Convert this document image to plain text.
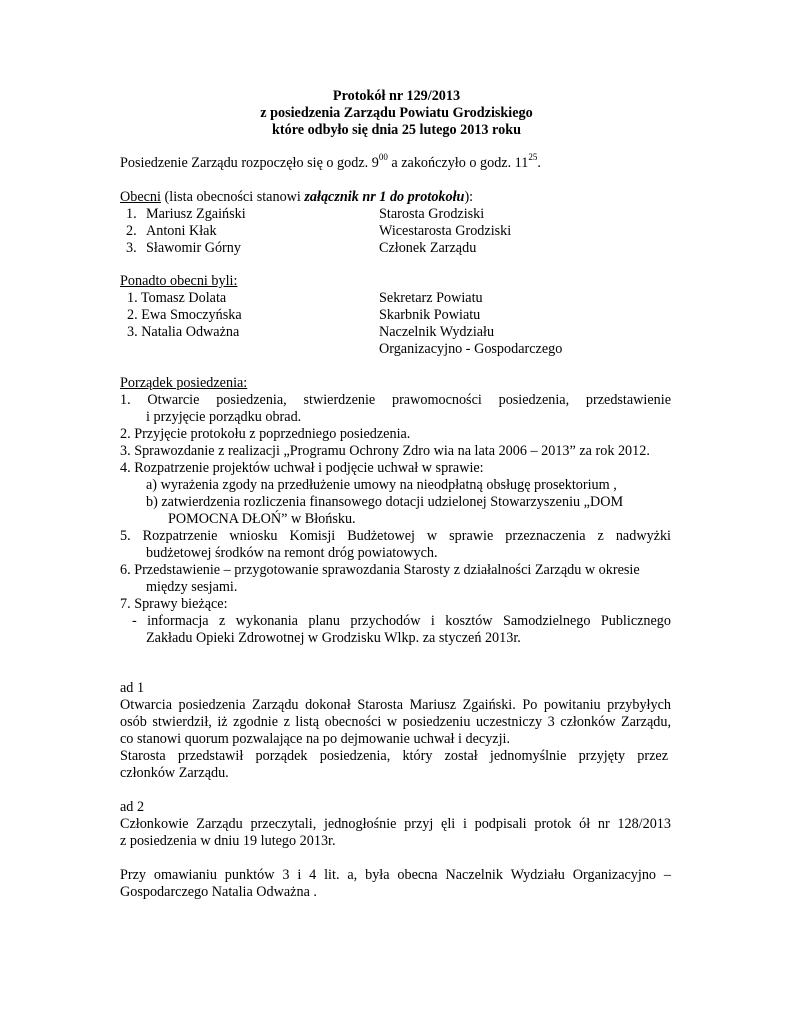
Protokół nr 129/2013
z posiedzenia Zarządu Powiatu Grodziskiego
które odbyło się dnia 25 lutego 2013 roku
Posiedzenie Zarządu rozpoczęło się o godz. $9^{00}$ a zakończyło o godz. $11^{25}$.
Obecni (lista obecności stanowi załącznik nr 1 do protokołu):
1. Mariusz Zgaiński	Starosta Grodziski
2. Antoni Kłak	Wicestarosta Grodziski
3. Sławomir Górny	Członek Zarządu
Ponadto obecni byli:
1. Tomasz Dolata	Sekretarz Powiatu
2. Ewa Smoczyńska	Skarbnik Powiatu
3. Natalia Odważna	Naczelnik Wydziału
Organizacyjno - Gospodarczego
Porządek posiedzenia:
1. Otwarcie posiedzenia, stwierdzenie prawomocności posiedzenia, przedstawienie
i przyjęcie porządku obrad.
2. Przyjęcie protokołu z poprzedniego posiedzenia.
3. Sprawozdanie z realizacji „Programu Ochrony Zdro wia na lata 2006 – 2013” za rok 2012.
4. Rozpatrzenie projektów uchwał i podjęcie uchwał w sprawie:
a) wyrażenia zgody na przedłużenie umowy na nieodpłatną obsługę prosektorium ,
b) zatwierdzenia rozliczenia finansowego dotacji udzielonej Stowarzyszeniu „DOM
POMOCNA DŁOŃ” w Błońsku.
5. Rozpatrzenie wniosku Komisji Budżetowej w sprawie przeznaczenia z nadwyżki
budżetowej środków na remont dróg powiatowych.
6. Przedstawienie – przygotowanie sprawozdania Starosty z działalności Zarządu w okresie
między sesjami.
7. Sprawy bieżące:
- informacja z wykonania planu przychodów i kosztów Samodzielnego Publicznego
Zakładu Opieki Zdrowotnej w Grodzisku Wlkp. za styczeń 2013r.
ad 1
Otwarcia posiedzenia Zarządu dokonał Starosta Mariusz Zgaiński. Po powitaniu przybyłych
osób stwierdził, iż zgodnie z listą obecności w posiedzeniu uczestniczy 3 członków Zarządu,
co stanowi quorum pozwalające na po dejmowanie uchwał i decyzji.
Starosta przedstawił porządek posiedzenia, który został jednomyślnie przyjęty przez
członków Zarządu.
ad 2
Członkowie Zarządu przeczytali, jednogłośnie przyj ęli i podpisali protok ół nr 128/2013
z posiedzenia w dniu 19 lutego 2013r.
Przy omawianiu punktów 3 i 4 lit. a, była obecna Naczelnik Wydziału Organizacyjno –
Gospodarczego Natalia Odważna .
